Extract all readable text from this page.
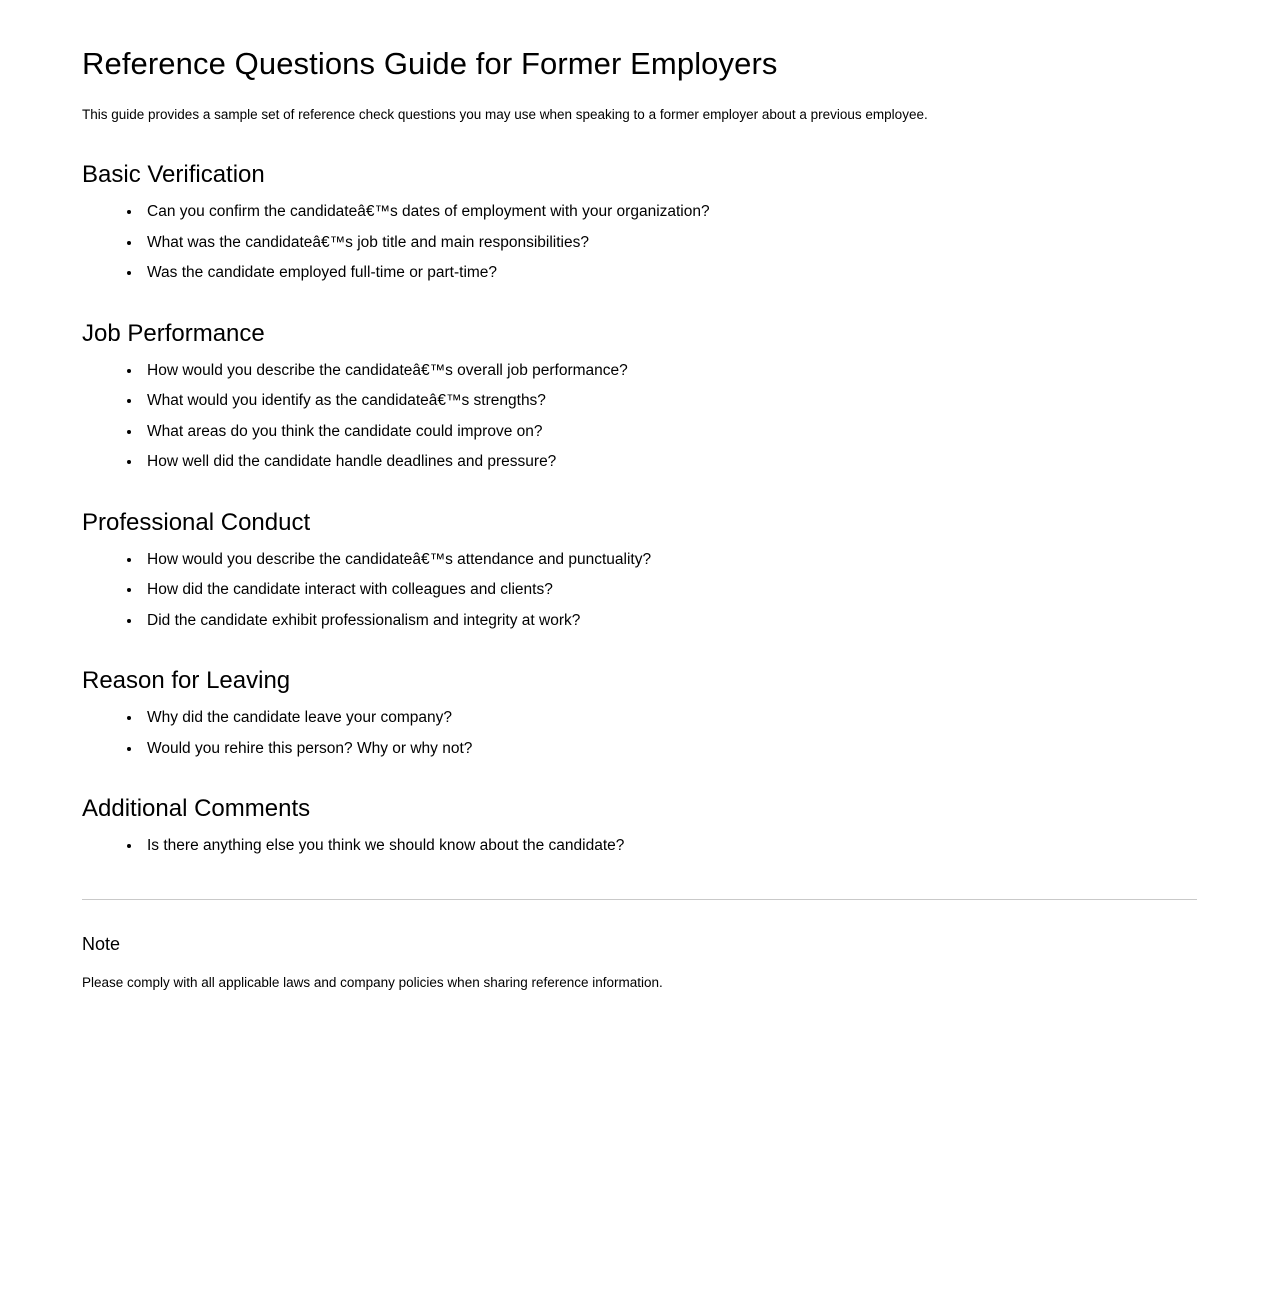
Reference Questions Guide for Former Employers

This guide provides a sample set of reference check questions you may use when speaking to a former employer about a previous employee.

Basic Verification
• Can you confirm the candidateâ€™s dates of employment with your organization?
• What was the candidateâ€™s job title and main responsibilities?
• Was the candidate employed full-time or part-time?
Job Performance
• How would you describe the candidateâ€™s overall job performance?
• What would you identify as the candidateâ€™s strengths?
• What areas do you think the candidate could improve on?
• How well did the candidate handle deadlines and pressure?
Professional Conduct
• How would you describe the candidateâ€™s attendance and punctuality?
• How did the candidate interact with colleagues and clients?
• Did the candidate exhibit professionalism and integrity at work?
Reason for Leaving
• Why did the candidate leave your company?
• Would you rehire this person? Why or why not?
Additional Comments
• Is there anything else you think we should know about the candidate?
Note

Please comply with all applicable laws and company policies when sharing reference information.
